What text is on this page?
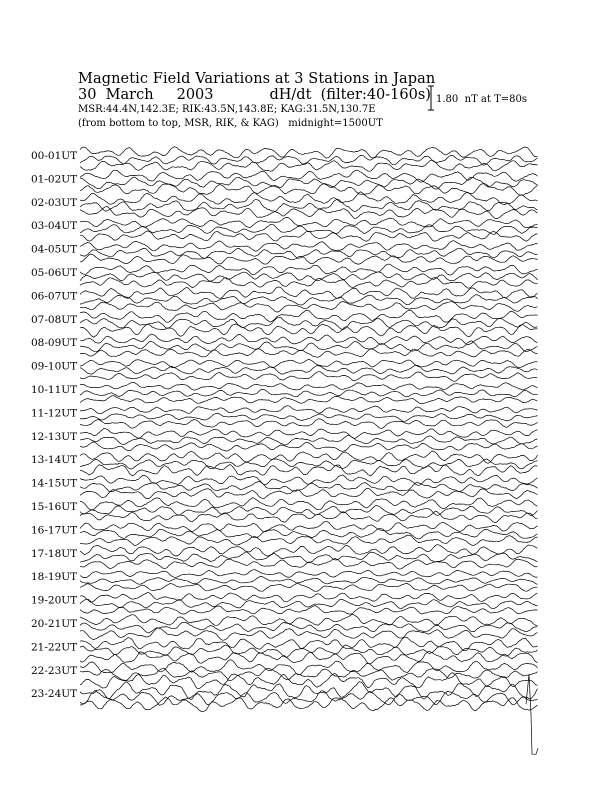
Magnetic Field Variations at 3 Stations in Japan
30  March     2003	dH/dt  (filter:40-160s)
MSR:44.4N,142.3E; RIK:43.5N,143.8E; KAG:31.5N,130.7E
(from bottom to top, MSR, RIK, & KAG)   midnight=1500UT
1.80  nT at T=80s
00-01UT
01-02UT
02-03UT
03-04UT
04-05UT
05-06UT
06-07UT
07-08UT
08-09UT
09-10UT
10-11UT
11-12UT
12-13UT
13-14UT
14-15UT
15-16UT
16-17UT
17-18UT
18-19UT
19-20UT
20-21UT
21-22UT
22-23UT
23-24UT
